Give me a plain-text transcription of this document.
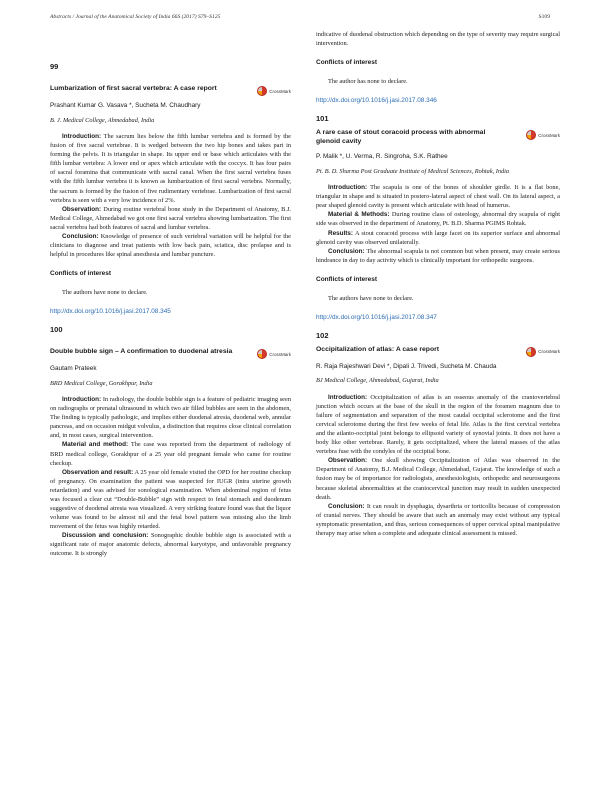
Abstracts / Journal of the Anatomical Society of India 66S (2017) S79–S125	S109
99
Lumbarization of first sacral vertebra: A case report	CrossMark
Prashant Kumar G. Vasava *, Sucheta M. Chaudhary
B. J. Medical College, Ahmedabad, India

Introduction: The sacrum lies below the fifth lumbar vertebra and is formed by the fusion of five sacral vertebrae. It is wedged between the two hip bones and takes part in forming the pelvis. It is triangular in shape. Its upper end or base which articulates with the fifth lumbar vertebra: A lower end or apex which articulate with the coccyx. It has four pairs of sacral foramina that communicate with sacral canal. When the first sacral vertebra fuses with the fifth lumbar vertebra it is known as lumbarization of first sacral vertebra. Normally, the sacrum is formed by the fusion of five rudimentary vertebrae. Lumbarization of first sacral vertebra is seen with a very low incidence of 2%.

Observation: During routine vertebral bone study in the Department of Anatomy, B.J. Medical College, Ahmedabad we got one first sacral vertebra showing lumbarization. The first sacral vertebra had both features of sacral and lumbar vertebra.

Conclusion: Knowledge of presence of such vertebral variation will be helpful for the clinicians to diagnose and treat patients with low back pain, sciatica, disc prolapse and is helpful in procedures like spinal anesthesia and lumbar puncture.

Conflicts of interest
The authors have none to declare.
http://dx.doi.org/10.1016/j.jasi.2017.08.345
100
Double bubble sign – A confirmation to duodenal atresia	CrossMark
Gautam Prateek
BRD Medical College, Gorakhpur, India

Introduction: In radiology, the double bubble sign is a feature of pediatric imaging seen on radiographs or prenatal ultrasound in which two air filled bubbles are seen in the abdomen, The finding is typically pathologic, and implies either duodenal atresia, duodenal web, annular pancreas, and on occasion midgut volvulus, a distinction that requires close clinical correlation and, in most cases, surgical intervention.

Material and method: The case was reported from the department of radiology of BRD medical college, Gorakhpur of a 25 year old pregnant female who came for routine checkup.

Observation and result: A 25 year old female visited the OPD for her routine checkup of pregnancy. On examination the patient was suspected for IUGR (intra uterine growth retardation) and was advised for sonological examination. When abdominal region of fetus was focused a clear cut “Double-Bubble” sign with respect to fetal stomach and duodenum suggestive of duodenal atresia was visualized. A very striking feature found was that the liquor volume was found to be almost nil and the fetal bowl pattern was missing also the limb movement of the fetus was highly retarded.

Discussion and conclusion: Sonographic double bubble sign is associated with a significant rate of major anatomic defects, abnormal karyotype, and unfavorable pregnancy outcome. It is strongly

indicative of duodenal obstruction which depending on the type of severity may require surgical intervention.

Conflicts of interest
The author has none to declare.
http://dx.doi.org/10.1016/j.jasi.2017.08.346
101
A rare case of stout coracoid process with abnormal glenoid cavity
CrossMark
P. Malik *, U. Verma, R. Singroha, S.K. Rathee
Pt. B. D. Sharma Post Graduate Institute of Medical Sciences, Rohtak, India

Introduction: The scapula is one of the bones of shoulder girdle. It is a flat bone, triangular in shape and is situated in postero-lateral aspect of chest wall. On its lateral aspect, a pear shaped glenoid cavity is present which articulate with head of humerus.

Material & Methods: During routine class of osteology, abnormal dry scapula of right side was observed in the department of Anatomy, Pt. B.D. Sharma PGIMS Rohtak.

Results: A stout coracoid process with large facet on its superior surface and abnormal glenoid cavity was observed unilaterally.

Conclusion: The abnormal scapula is not common but when present, may create serious hindrance in day to day activity which is clinically important for orthopedic surgeons.

Conflicts of interest
The authors have none to declare.
http://dx.doi.org/10.1016/j.jasi.2017.08.347
102
Occipitalization of atlas: A case report	CrossMark
R. Raja Rajeshwari Devi *, Dipali J. Trivedi, Sucheta M. Chauda
BJ Medical College, Ahmedabad, Gujarat, India

Introduction: Occipitalization of atlas is an osseous anomaly of the craniovertebral junction which occurs at the base of the skull in the region of the foramen magnum due to failure of segmentation and separation of the most caudal occipital sclerotome and the first cervical sclerotome during the first few weeks of fetal life. Atlas is the first cervical vertebra and the atlanto-occipital joint belongs to ellipsoid variety of synovial joints. It does not have a body like other vertebrae. Rarely, it gets occipitalized, where the lateral masses of the atlas vertebra fuse with the condyles of the occipital bone.

Observation: One skull showing Occipitalization of Atlas was observed in the Department of Anatomy, B.J. Medical College, Ahmedabad, Gujarat. The knowledge of such a fusion may be of importance for radiologists, anesthesiologists, orthopedic and neurosurgeons because skeletal abnormalities at the craniocervical junction may result in sudden unexpected death.

Conclusion: It can result in dysphagia, dysarthria or torticollis because of compression of cranial nerves. They should be aware that such an anomaly may exist without any typical symptomatic presentation, and thus, serious consequences of upper cervical spinal manipulative therapy may arise when a complete and adequate clinical assessment is missed.
